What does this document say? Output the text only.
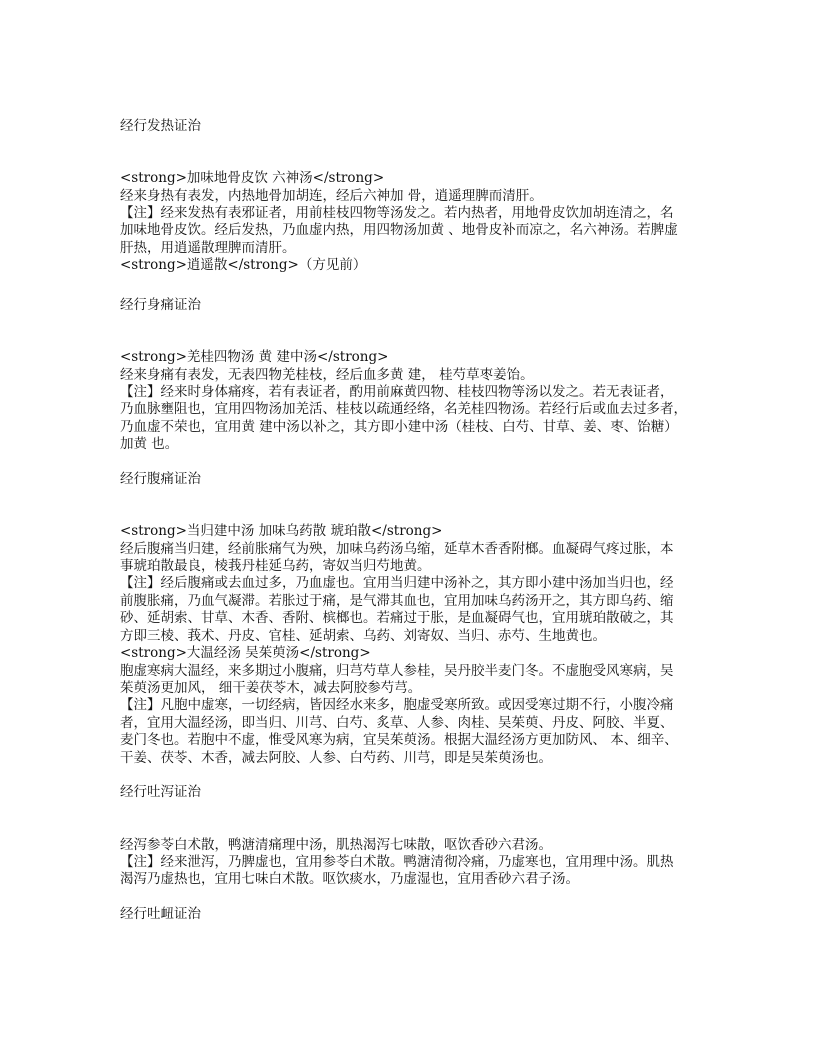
经行发热证治
<strong>加味地骨皮饮 六神汤</strong>
经来身热有表发，内热地骨加胡连，经后六神加 骨，逍遥理脾而清肝。
【注】经来发热有表邪证者，用前桂枝四物等汤发之。若内热者，用地骨皮饮加胡连清之，名
加味地骨皮饮。经后发热，乃血虚内热，用四物汤加黄 、地骨皮补而凉之，名六神汤。若脾虚
肝热，用逍遥散理脾而清肝。
<strong>逍遥散</strong>（方见前）
经行身痛证治
<strong>羌桂四物汤 黄 建中汤</strong>
经来身痛有表发，无表四物羌桂枝，经后血多黄 建， 桂芍草枣姜饴。
【注】经来时身体痛疼，若有表证者，酌用前麻黄四物、桂枝四物等汤以发之。若无表证者，
乃血脉壅阻也，宜用四物汤加羌活、桂枝以疏通经络，名羌桂四物汤。若经行后或血去过多者，
乃血虚不荣也，宜用黄 建中汤以补之，其方即小建中汤（桂枝、白芍、甘草、姜、枣、饴糖）
加黄 也。
经行腹痛证治
<strong>当归建中汤 加味乌药散 琥珀散</strong>
经后腹痛当归建，经前胀痛气为殃，加味乌药汤乌缩，延草木香香附榔。血凝碍气疼过胀，本
事琥珀散最良，棱莪丹桂延乌药，寄奴当归芍地黄。
【注】经后腹痛或去血过多，乃血虚也。宜用当归建中汤补之，其方即小建中汤加当归也，经
前腹胀痛，乃血气凝滞。若胀过于痛，是气滞其血也，宜用加味乌药汤开之，其方即乌药、缩
砂、延胡索、甘草、木香、香附、槟榔也。若痛过于胀，是血凝碍气也，宜用琥珀散破之，其
方即三棱、莪术、丹皮、官桂、延胡索、乌药、刘寄奴、当归、赤芍、生地黄也。
<strong>大温经汤 吴茱萸汤</strong>
胞虚寒病大温经，来多期过小腹痛，归芎芍草人参桂，吴丹胶半麦门冬。不虚胞受风寒病，吴
茱萸汤更加风， 细干姜茯苓木，减去阿胶参芍芎。
【注】凡胞中虚寒，一切经病，皆因经水来多，胞虚受寒所致。或因受寒过期不行，小腹冷痛
者，宜用大温经汤，即当归、川芎、白芍、炙草、人参、肉桂、吴茱萸、丹皮、阿胶、半夏、
麦门冬也。若胞中不虚，惟受风寒为病，宜吴茱萸汤。根据大温经汤方更加防风、 本、细辛、
干姜、茯苓、木香，减去阿胶、人参、白芍药、川芎，即是吴茱萸汤也。
经行吐泻证治
经泻参苓白术散，鸭溏清痛理中汤，肌热渴泻七味散，呕饮香砂六君汤。
【注】经来泄泻，乃脾虚也，宜用参苓白术散。鸭溏清彻冷痛，乃虚寒也，宜用理中汤。肌热
渴泻乃虚热也，宜用七味白术散。呕饮痰水，乃虚湿也，宜用香砂六君子汤。
经行吐衄证治
